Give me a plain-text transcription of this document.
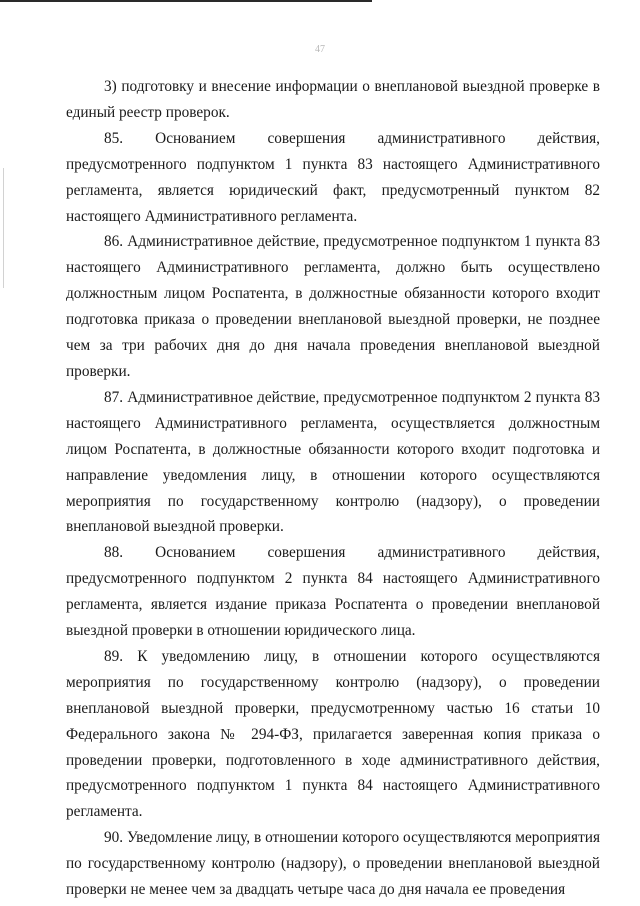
47

3) подготовку и внесение информации о внеплановой выездной проверке в единый реестр проверок.

85. Основанием совершения административного действия, предусмотренного подпунктом 1 пункта 83 настоящего Административного регламента, является юридический факт, предусмотренный пунктом 82 настоящего Административного регламента.

86. Административное действие, предусмотренное подпунктом 1 пункта 83 настоящего Административного регламента, должно быть осуществлено должностным лицом Роспатента, в должностные обязанности которого входит подготовка приказа о проведении внеплановой выездной проверки, не позднее чем за три рабочих дня до дня начала проведения внеплановой выездной проверки.

87. Административное действие, предусмотренное подпунктом 2 пункта 83 настоящего Административного регламента, осуществляется должностным лицом Роспатента, в должностные обязанности которого входит подготовка и направление уведомления лицу, в отношении которого осуществляются мероприятия по государственному контролю (надзору), о проведении внеплановой выездной проверки.

88. Основанием совершения административного действия, предусмотренного подпунктом 2 пункта 84 настоящего Административного регламента, является издание приказа Роспатента о проведении внеплановой выездной проверки в отношении юридического лица.

89. К уведомлению лицу, в отношении которого осуществляются мероприятия по государственному контролю (надзору), о проведении внеплановой выездной проверки, предусмотренному частью 16 статьи 10 Федерального закона № 294-ФЗ, прилагается заверенная копия приказа о проведении проверки, подготовленного в ходе административного действия, предусмотренного подпунктом 1 пункта 84 настоящего Административного регламента.

90. Уведомление лицу, в отношении которого осуществляются мероприятия по государственному контролю (надзору), о проведении внеплановой выездной проверки не менее чем за двадцать четыре часа до дня начала ее проведения
